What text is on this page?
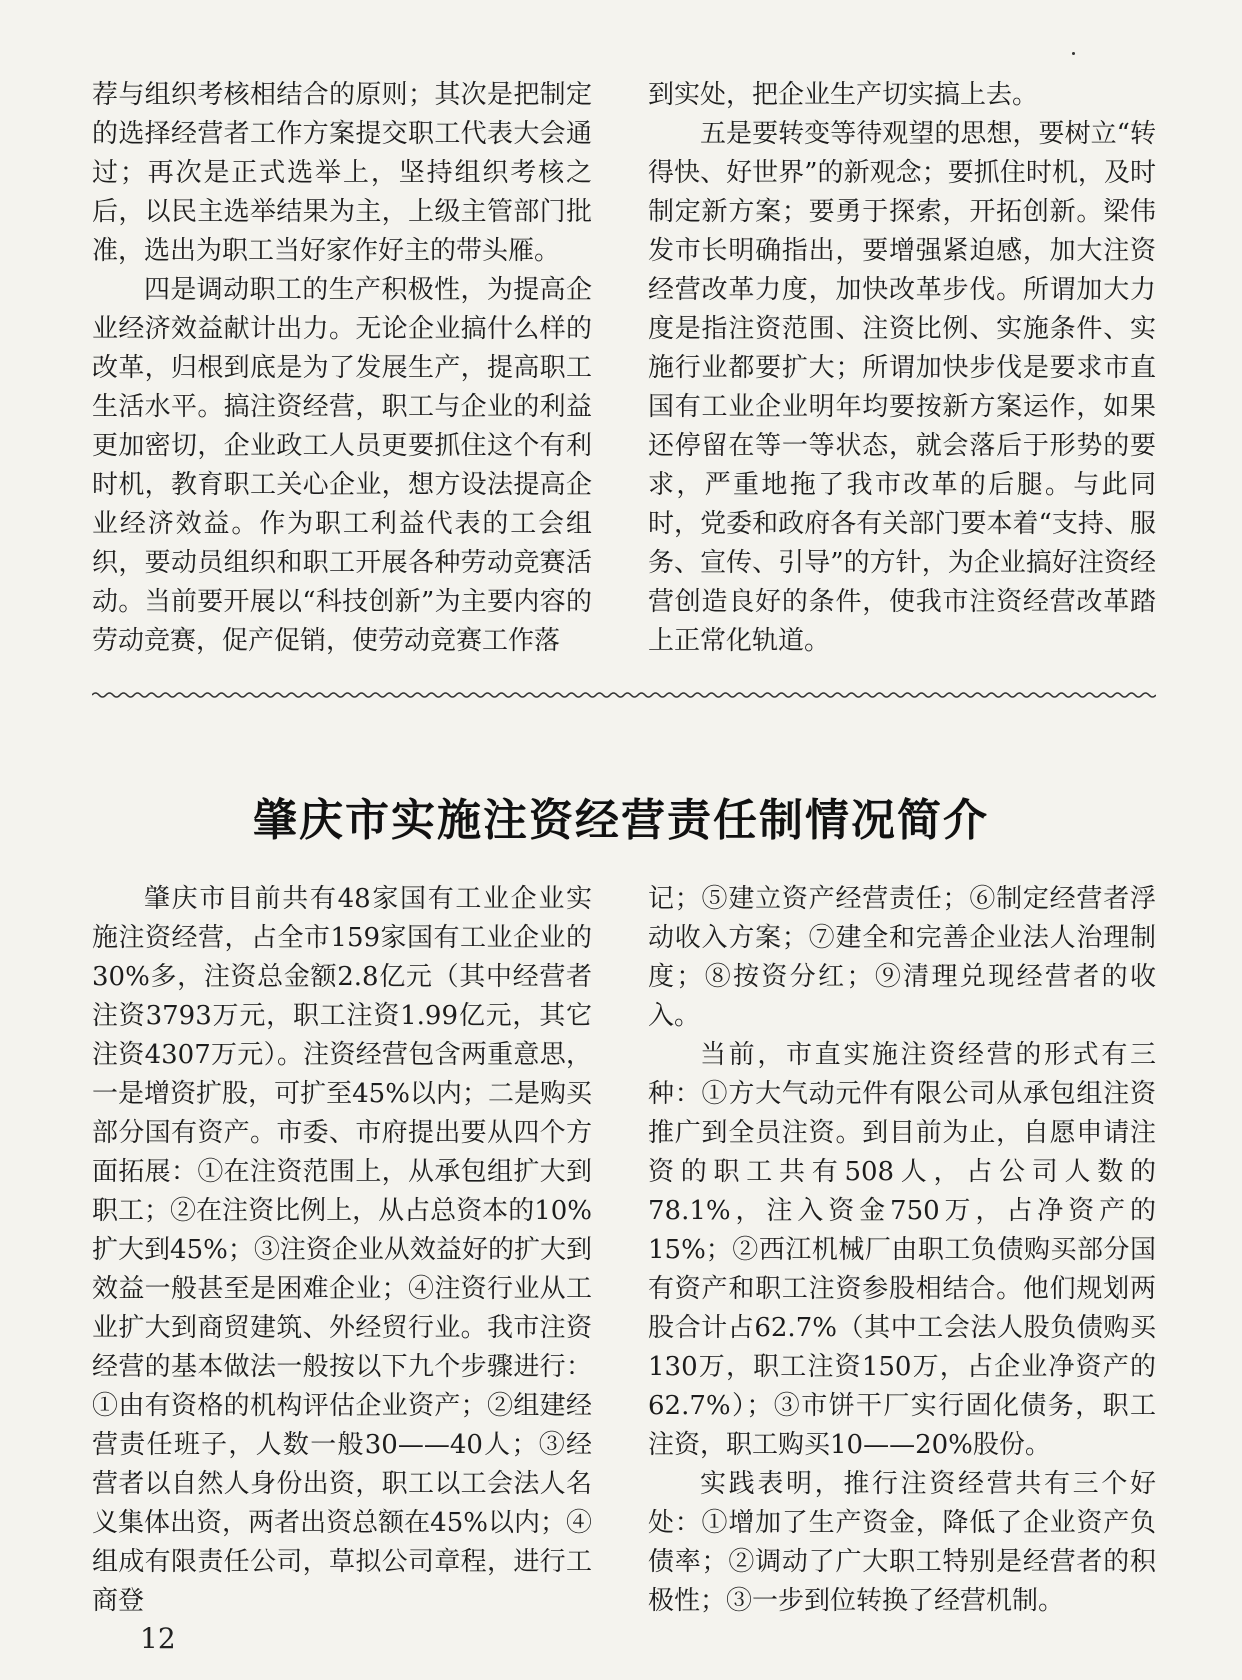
荐与组织考核相结合的原则；其次是把制定的选择经营者工作方案提交职工代表大会通过；再次是正式选举上，坚持组织考核之后，以民主选举结果为主，上级主管部门批准，选出为职工当好家作好主的带头雁。

四是调动职工的生产积极性，为提高企业经济效益献计出力。无论企业搞什么样的改革，归根到底是为了发展生产，提高职工生活水平。搞注资经营，职工与企业的利益更加密切，企业政工人员更要抓住这个有利时机，教育职工关心企业，想方设法提高企业经济效益。作为职工利益代表的工会组织，要动员组织和职工开展各种劳动竞赛活动。当前要开展以“科技创新”为主要内容的劳动竞赛，促产促销，使劳动竞赛工作落

到实处，把企业生产切实搞上去。

五是要转变等待观望的思想，要树立“转得快、好世界”的新观念；要抓住时机，及时制定新方案；要勇于探索，开拓创新。梁伟发市长明确指出，要增强紧迫感，加大注资经营改革力度，加快改革步伐。所谓加大力度是指注资范围、注资比例、实施条件、实施行业都要扩大；所谓加快步伐是要求市直国有工业企业明年均要按新方案运作，如果还停留在等一等状态，就会落后于形势的要求，严重地拖了我市改革的后腿。与此同时，党委和政府各有关部门要本着“支持、服务、宣传、引导”的方针，为企业搞好注资经营创造良好的条件，使我市注资经营改革踏上正常化轨道。

肇庆市实施注资经营责任制情况简介

肇庆市目前共有48家国有工业企业实施注资经营，占全市159家国有工业企业的30%多，注资总金额2.8亿元（其中经营者注资3793万元，职工注资1.99亿元，其它注资4307万元）。注资经营包含两重意思，一是增资扩股，可扩至45%以内；二是购买部分国有资产。市委、市府提出要从四个方面拓展：①在注资范围上，从承包组扩大到职工；②在注资比例上，从占总资本的10%扩大到45%；③注资企业从效益好的扩大到效益一般甚至是困难企业；④注资行业从工业扩大到商贸建筑、外经贸行业。我市注资经营的基本做法一般按以下九个步骤进行：①由有资格的机构评估企业资产；②组建经营责任班子，人数一般30——40人；③经营者以自然人身份出资，职工以工会法人名义集体出资，两者出资总额在45%以内；④组成有限责任公司，草拟公司章程，进行工商登

记；⑤建立资产经营责任；⑥制定经营者浮动收入方案；⑦建全和完善企业法人治理制度；⑧按资分红；⑨清理兑现经营者的收入。

当前，市直实施注资经营的形式有三种：①方大气动元件有限公司从承包组注资推广到全员注资。到目前为止，自愿申请注资的职工共有508人，占公司人数的78.1%，注入资金750万，占净资产的15%；②西江机械厂由职工负债购买部分国有资产和职工注资参股相结合。他们规划两股合计占62.7%（其中工会法人股负债购买130万，职工注资150万，占企业净资产的62.7%）；③市饼干厂实行固化债务，职工注资，职工购买10——20%股份。

实践表明，推行注资经营共有三个好处：①增加了生产资金，降低了企业资产负债率；②调动了广大职工特别是经营者的积极性；③一步到位转换了经营机制。

12
